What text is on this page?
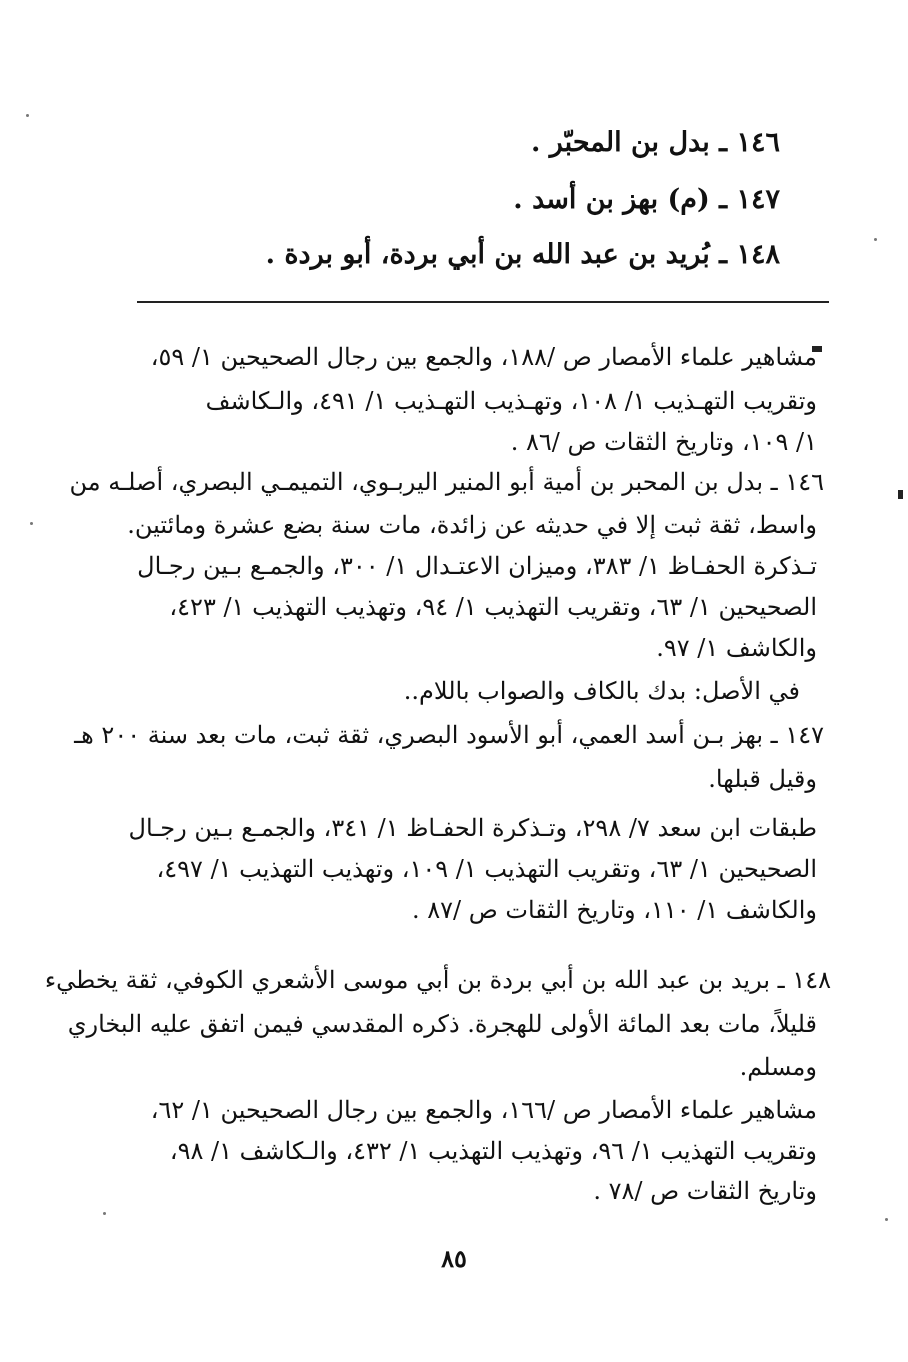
١٤٦ ـ بدل بن المحبّر .
١٤٧ ـ (م) بهز بن أسد .
١٤٨ ـ بُريد بن عبد الله بن أبي بردة، أبو بردة .
مشاهير علماء الأمصار ص /١٨٨، والجمع بين رجال الصحيحين ١/ ٥٩،
وتقريب التهـذيب ١/ ١٠٨، وتهـذيب التهـذيب ١/ ٤٩١، والـكاشف
١/ ١٠٩، وتاريخ الثقات ص /٨٦ .
١٤٦ ـ بدل بن المحبر بن أمية أبو المنير اليربـوي، التميمـي البصري، أصلـه من
واسط، ثقة ثبت إلا في حديثه عن زائدة، مات سنة بضع عشرة ومائتين.
تـذكرة الحفـاظ ١/ ٣٨٣، وميزان الاعتـدال ١/ ٣٠٠، والجمـع بـين رجـال
الصحيحين ١/ ٦٣، وتقريب التهذيب ١/ ٩٤، وتهذيب التهذيب ١/ ٤٢٣،
والكاشف ١/ ٩٧.
في الأصل: بدك بالكاف والصواب باللام..
١٤٧ ـ بهز بـن أسد العمي، أبو الأسود البصري، ثقة ثبت، مات بعد سنة ٢٠٠ هـ
وقيل قبلها.
طبقات ابن سعد ٧/ ٢٩٨، وتـذكرة الحفـاظ ١/ ٣٤١، والجمـع بـين رجـال
الصحيحين ١/ ٦٣، وتقريب التهذيب ١/ ١٠٩، وتهذيب التهذيب ١/ ٤٩٧،
والكاشف ١/ ١١٠، وتاريخ الثقات ص /٨٧ .
١٤٨ ـ بريد بن عبد الله بن أبي بردة بن أبي موسى الأشعري الكوفي، ثقة يخطيء
قليلاً، مات بعد المائة الأولى للهجرة. ذكره المقدسي فيمن اتفق عليه البخاري
ومسلم.
مشاهير علماء الأمصار ص /١٦٦، والجمع بين رجال الصحيحين ١/ ٦٢،
وتقريب التهذيب ١/ ٩٦، وتهذيب التهذيب ١/ ٤٣٢، والـكاشف ١/ ٩٨،
وتاريخ الثقات ص /٧٨ .
٨٥
